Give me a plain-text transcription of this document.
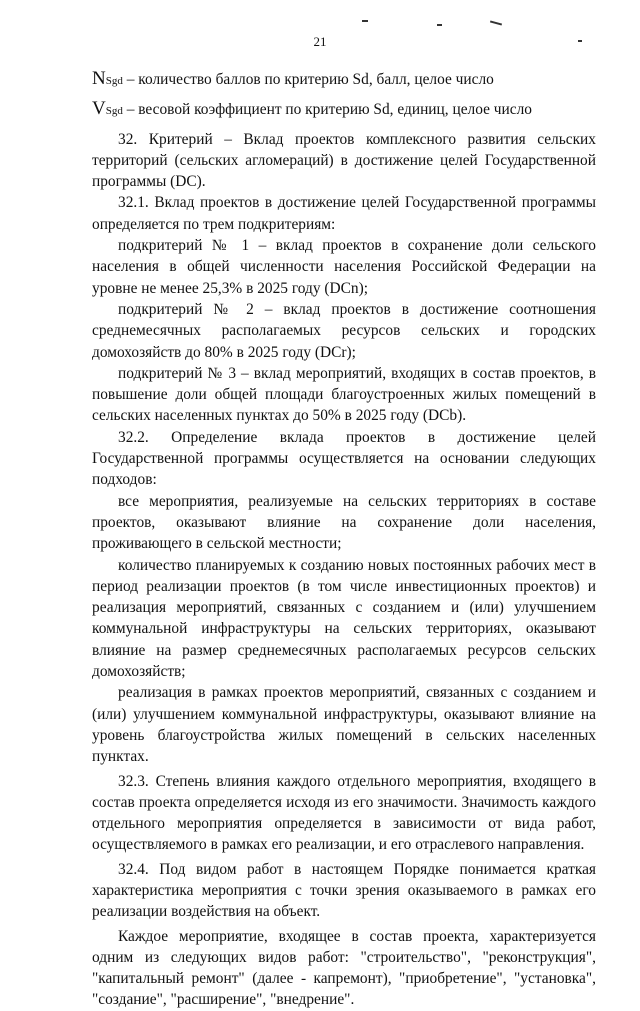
21

NSgd – количество баллов по критерию Sd, балл, целое число

VSgd – весовой коэффициент по критерию Sd, единиц, целое число

32. Критерий – Вклад проектов комплексного развития сельских территорий (сельских агломераций) в достижение целей Государственной программы (DC).

32.1. Вклад проектов в достижение целей Государственной программы определяется по трем подкритериям:

подкритерий № 1 – вклад проектов в сохранение доли сельского населения в общей численности населения Российской Федерации на уровне не менее 25,3% в 2025 году (DCn);

подкритерий № 2 – вклад проектов в достижение соотношения среднемесячных располагаемых ресурсов сельских и городских домохозяйств до 80% в 2025 году (DCr);

подкритерий № 3 – вклад мероприятий, входящих в состав проектов, в повышение доли общей площади благоустроенных жилых помещений в сельских населенных пунктах до 50% в 2025 году (DCb).

32.2. Определение вклада проектов в достижение целей Государственной программы осуществляется на основании следующих подходов:

все мероприятия, реализуемые на сельских территориях в составе проектов, оказывают влияние на сохранение доли населения, проживающего в сельской местности;

количество планируемых к созданию новых постоянных рабочих мест в период реализации проектов (в том числе инвестиционных проектов) и реализация мероприятий, связанных с созданием и (или) улучшением коммунальной инфраструктуры на сельских территориях, оказывают влияние на размер среднемесячных располагаемых ресурсов сельских домохозяйств;

реализация в рамках проектов мероприятий, связанных с созданием и (или) улучшением коммунальной инфраструктуры, оказывают влияние на уровень благоустройства жилых помещений в сельских населенных пунктах.

32.3. Степень влияния каждого отдельного мероприятия, входящего в состав проекта определяется исходя из его значимости. Значимость каждого отдельного мероприятия определяется в зависимости от вида работ, осуществляемого в рамках его реализации, и его отраслевого направления.

32.4. Под видом работ в настоящем Порядке понимается краткая характеристика мероприятия с точки зрения оказываемого в рамках его реализации воздействия на объект.

Каждое мероприятие, входящее в состав проекта, характеризуется одним из следующих видов работ: "строительство", "реконструкция", "капитальный ремонт" (далее - капремонт), "приобретение", "установка", "создание", "расширение", "внедрение".
